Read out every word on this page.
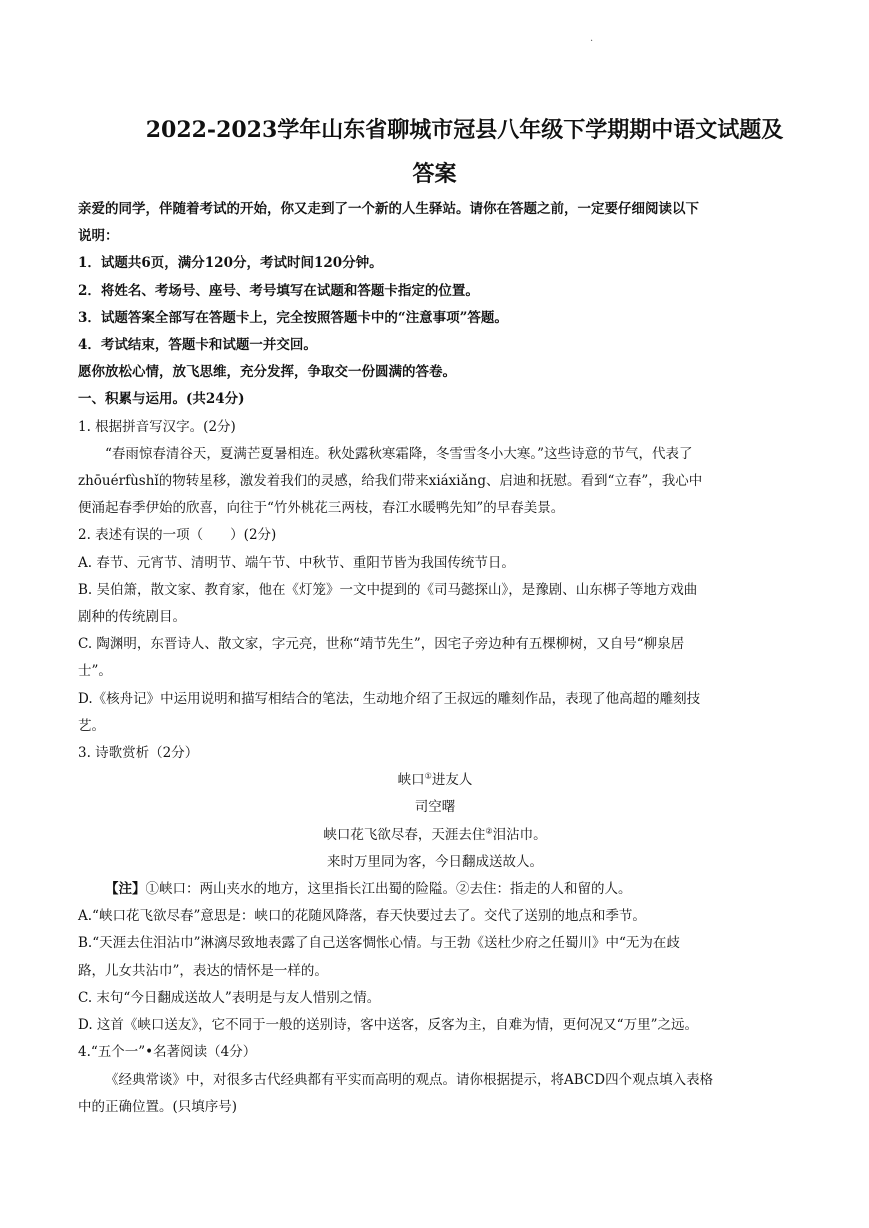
·
2022-2023学年山东省聊城市冠县八年级下学期期中语文试题及
答案

亲爱的同学，伴随着考试的开始，你又走到了一个新的人生驿站。请你在答题之前，一定要仔细阅读以下

说明：

1．试题共6页，满分120分，考试时间120分钟。

2．将姓名、考场号、座号、考号填写在试题和答题卡指定的位置。

3．试题答案全部写在答题卡上，完全按照答题卡中的“注意事项”答题。

4．考试结束，答题卡和试题一并交回。

愿你放松心情，放飞思维，充分发挥，争取交一份圆满的答卷。

一、积累与运用。(共24分)

1. 根据拼音写汉字。(2分)

“春雨惊春清谷天，夏满芒夏暑相连。秋处露秋寒霜降，冬雪雪冬小大寒。”这些诗意的节气，代表了

zhōuérfùshǐ的物转星移，激发着我们的灵感，给我们带来xiáxiǎng、启迪和抚慰。看到“立春”，我心中

便涌起春季伊始的欣喜，向往于“竹外桃花三两枝，春江水暖鸭先知”的早春美景。

2. 表述有误的一项（　　）(2分)

A. 春节、元宵节、清明节、端午节、中秋节、重阳节皆为我国传统节日。

B. 吴伯箫，散文家、教育家，他在《灯笼》一文中提到的《司马懿探山》，是豫剧、山东梆子等地方戏曲

剧种的传统剧目。

C. 陶渊明，东晋诗人、散文家，字元亮，世称“靖节先生”，因宅子旁边种有五棵柳树，又自号“柳泉居

士”。

D.《核舟记》中运用说明和描写相结合的笔法，生动地介绍了王叔远的雕刻作品，表现了他高超的雕刻技

艺。

3. 诗歌赏析（2分）

峡口①进友人

司空曙

峡口花飞欲尽春，天涯去住②泪沾巾。

来时万里同为客，今日翻成送故人。

【注】①峡口：两山夹水的地方，这里指长江出蜀的险隘。②去住：指走的人和留的人。

A.“峡口花飞欲尽春”意思是：峡口的花随风降落，春天快要过去了。交代了送别的地点和季节。

B.“天涯去住泪沾巾”淋漓尽致地表露了自己送客惆怅心情。与王勃《送杜少府之任蜀川》中“无为在歧

路，儿女共沾巾”，表达的情怀是一样的。

C. 末句“今日翻成送故人”表明是与友人惜别之情。

D. 这首《峡口送友》，它不同于一般的送别诗，客中送客，反客为主，自难为情，更何况又“万里”之远。

4.“五个一”•名著阅读（4分）

《经典常谈》中，对很多古代经典都有平实而高明的观点。请你根据提示，将ABCD四个观点填入表格

中的正确位置。(只填序号)
